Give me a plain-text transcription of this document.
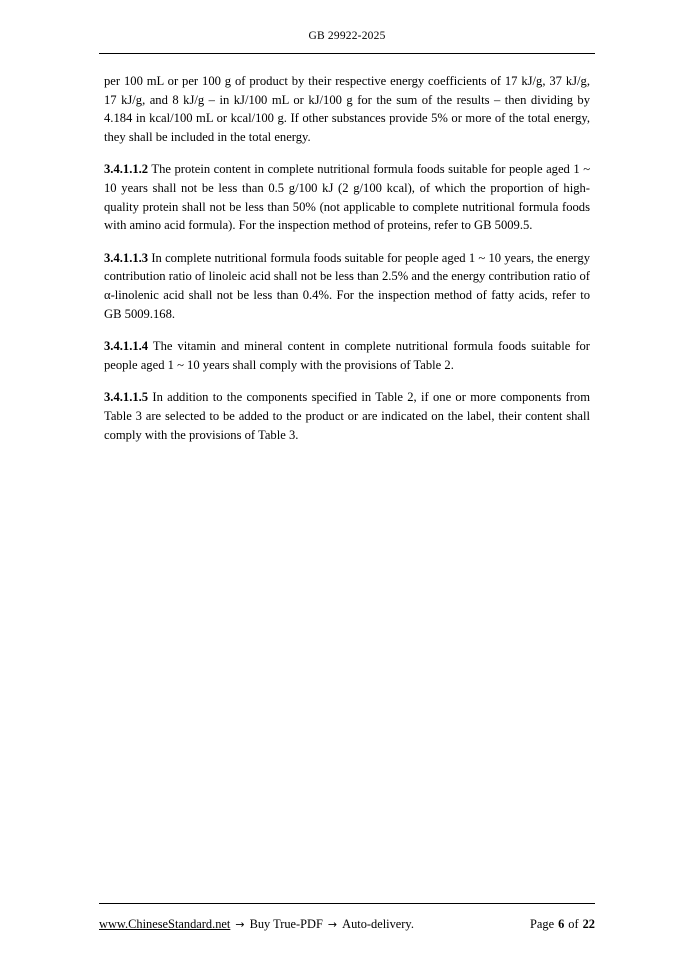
GB 29922-2025

per 100 mL or per 100 g of product by their respective energy coefficients of 17 kJ/g, 37 kJ/g, 17 kJ/g, and 8 kJ/g – in kJ/100 mL or kJ/100 g for the sum of the results – then dividing by 4.184 in kcal/100 mL or kcal/100 g. If other substances provide 5% or more of the total energy, they shall be included in the total energy.

3.4.1.1.2 The protein content in complete nutritional formula foods suitable for people aged 1 ~ 10 years shall not be less than 0.5 g/100 kJ (2 g/100 kcal), of which the proportion of high-quality protein shall not be less than 50% (not applicable to complete nutritional formula foods with amino acid formula). For the inspection method of proteins, refer to GB 5009.5.

3.4.1.1.3 In complete nutritional formula foods suitable for people aged 1 ~ 10 years, the energy contribution ratio of linoleic acid shall not be less than 2.5% and the energy contribution ratio of α-linolenic acid shall not be less than 0.4%. For the inspection method of fatty acids, refer to GB 5009.168.

3.4.1.1.4 The vitamin and mineral content in complete nutritional formula foods suitable for people aged 1 ~ 10 years shall comply with the provisions of Table 2.

3.4.1.1.5 In addition to the components specified in Table 2, if one or more components from Table 3 are selected to be added to the product or are indicated on the label, their content shall comply with the provisions of Table 3.

www.ChineseStandard.net → Buy True-PDF → Auto-delivery.	Page 6 of 22
